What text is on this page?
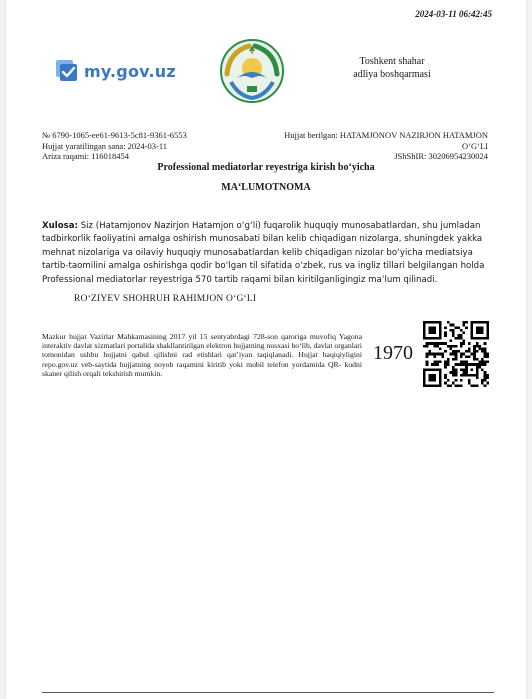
2024-03-11 06:42:45
my.gov.uz	Toshkent shahar
adliya boshqarmasi
№ 6790-1065-ee61-9613-5c81-9361-6553
Hujjat yaratilingan sana: 2024-03-11
Ariza raqami: 116018454
Hujjat berilgan: HATAMJONOV NAZIRJON HATAMJON
O‘G‘LI
JShShIR: 30206954230024
Professional mediatorlar reyestriga kirish bo‘yicha
MA‘LUMOTNOMA
Xulosa: Siz (Hatamjonov Nazirjon Hatamjon o‘g‘li) fuqarolik huquqiy munosabatlardan, shu jumladan tadbirkorlik faoliyatini amalga oshirish munosabati bilan kelib chiqadigan nizolarga, shuningdek yakka mehnat nizolariga va oilaviy huquqiy munosabatlardan kelib chiqadigan nizolar bo‘yicha mediatsiya tartib-taomilini amalga oshirishga qodir bo‘lgan til sifatida o‘zbek, rus va ingliz tillari belgilangan holda Professional mediatorlar reyestriga 570 tartib raqami bilan kiritilganligingiz ma’lum qilinadi.
RO‘ZIYEV SHOHRUH RAHIMJON O‘G‘LI
Mazkur hujjat Vazirlar Mahkamasining 2017 yil 15 sentyabrdagi 728-son qaroriga muvofiq Yagona interaktiv davlat xizmatlari portalida shakllantirilgan elektron hujjatning nusxasi bo‘lib, davlat organlari tomonidan ushbu hujjatni qabul qilishni rad etishlari qat’iyan taqiqlanadi. Hujjat haqiqiyligini repo.gov.uz veb-saytida hujjatning noyob raqamini kiritib yoki mobil telefon yordamida QR- kodni skaner qilish orqali tekshirish mumkin.
1970
